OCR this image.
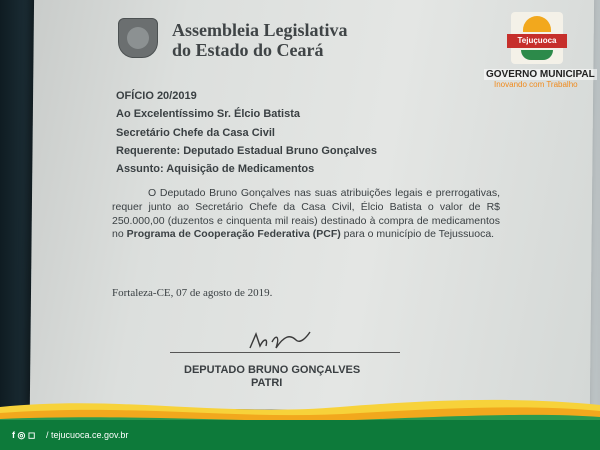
Assembleia Legislativa
do Estado do Ceará
OFÍCIO 20/2019
Ao Excelentíssimo Sr. Élcio Batista
Secretário Chefe da Casa Civil
Requerente: Deputado Estadual Bruno Gonçalves
Assunto: Aquisição de Medicamentos
O Deputado Bruno Gonçalves nas suas atribuições legais e prerrogativas, requer junto ao Secretário Chefe da Casa Civil, Élcio Batista o valor de R$ 250.000,00 (duzentos e cinquenta mil reais) destinado à compra de medicamentos no Programa de Cooperação Federativa (PCF) para o município de Tejussuoca.
Fortaleza-CE, 07 de agosto de 2019.
DEPUTADO BRUNO GONÇALVES
PATRI
Tejuçuoca
GOVERNO MUNICIPAL
Inovando com Trabalho
f ◎ ◻ / tejucuoca.ce.gov.br
